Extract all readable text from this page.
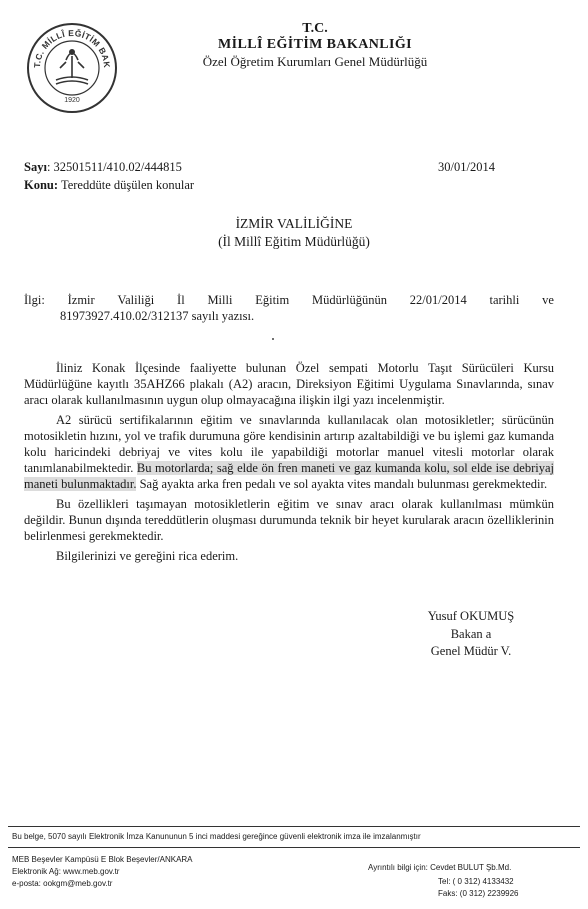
T.C. MİLLÎ EĞİTİM BAK
1920
T.C.
MİLLÎ EĞİTİM BAKANLIĞI
Özel Öğretim Kurumları Genel Müdürlüğü
Sayı: 32501511/410.02/444815	30/01/2014
Konu: Tereddüte düşülen konular
İZMİR VALİLİĞİNE
(İl Millî Eğitim Müdürlüğü)
İlgi: İzmir Valiliği İl Milli Eğitim Müdürlüğünün 22/01/2014 tarihli ve
81973927.410.02/312137 sayılı yazısı.

İliniz Konak İlçesinde faaliyette bulunan Özel sempati Motorlu Taşıt Sürücüleri Kursu Müdürlüğüne kayıtlı 35AHZ66 plakalı (A2) aracın, Direksiyon Eğitimi Uygulama Sınavlarında, sınav aracı olarak kullanılmasının uygun olup olmayacağına ilişkin ilgi yazı incelenmiştir.

A2 sürücü sertifikalarının eğitim ve sınavlarında kullanılacak olan motosikletler; sürücünün motosikletin hızını, yol ve trafik durumuna göre kendisinin artırıp azaltabildiği ve bu işlemi gaz kumanda kolu haricindeki debriyaj ve vites kolu ile yapabildiği motorlar manuel vitesli motorlar olarak tanımlanabilmektedir. Bu motorlarda; sağ elde ön fren maneti ve gaz kumanda kolu, sol elde ise debriyaj maneti bulunmaktadır. Sağ ayakta arka fren pedalı ve sol ayakta vites mandalı bulunması gerekmektedir.

Bu özellikleri taşımayan motosikletlerin eğitim ve sınav aracı olarak kullanılması mümkün değildir. Bunun dışında tereddütlerin oluşması durumunda teknik bir heyet kurularak aracın özelliklerinin belirlenmesi gerekmektedir.

Bilgilerinizi ve gereğini rica ederim.

Yusuf OKUMUŞ
Bakan a
Genel Müdür V.
Bu belge, 5070 sayılı Elektronik İmza Kanununun 5 inci maddesi gereğince güvenli elektronik imza ile imzalanmıştır
MEB Beşevler Kampüsü E Blok Beşevler/ANKARA
Elektronik Ağ: www.meb.gov.tr
e-posta: ookgm@meb.gov.tr
Ayrıntılı bilgi için: Cevdet BULUT Şb.Md.
Tel: ( 0 312) 4133432
Faks: (0 312) 2239926
